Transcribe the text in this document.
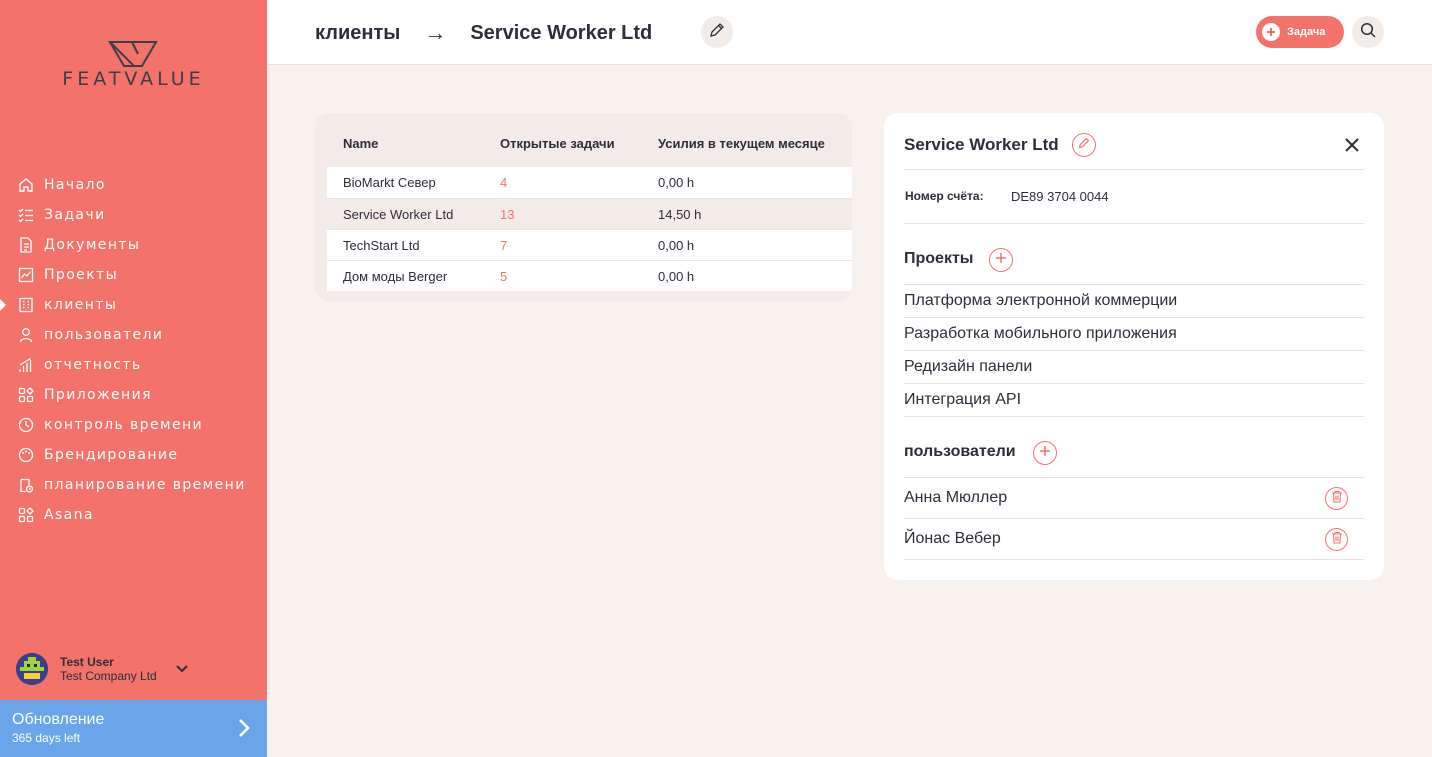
FEATVALUE
Начало
Задачи
Документы
Проекты
клиенты
пользователи
отчетность
Приложения
контроль времени
Брендирование
планирование времени
Asana
Test User
Test Company Ltd
Обновление
365 days left
клиенты → Service Worker Ltd	Задача
Name	Открытые задачи	Усилия в текущем месяце
BioMarkt Север	4	0,00 h
Service Worker Ltd	13	14,50 h
TechStart Ltd	7	0,00 h
Дом моды Berger	5	0,00 h
Service Worker Ltd
Номер счёта: DE89 3704 0044
Проекты
Платформа электронной коммерции
Разработка мобильного приложения
Редизайн панели
Интеграция API
пользователи
Анна Мюллер
Йонас Вебер
